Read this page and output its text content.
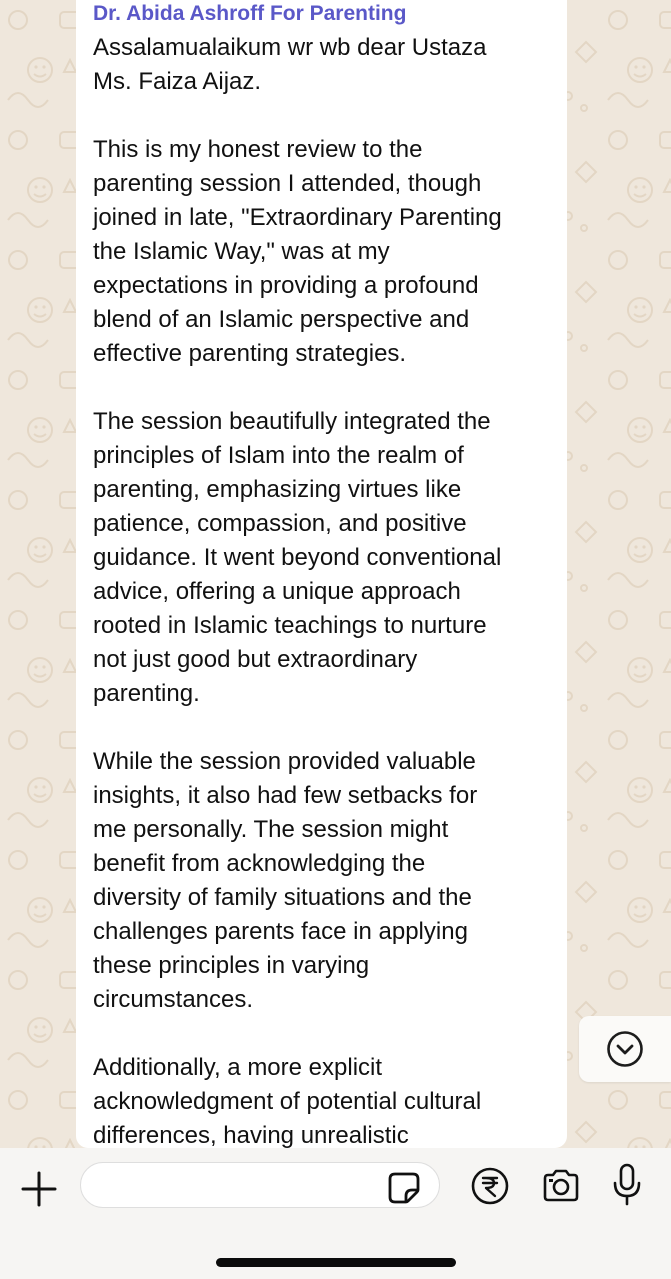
Dr. Abida Ashroff For Parenting

Assalamualaikum wr wb dear Ustaza
Ms. Faiza Aijaz.

This is my honest review to the
parenting session I attended, though
joined in late, "Extraordinary Parenting
the Islamic Way," was at my
expectations in providing a profound
blend of an Islamic perspective and
effective parenting strategies.

The session beautifully integrated the
principles of Islam into the realm of
parenting, emphasizing virtues like
patience, compassion, and positive
guidance. It went beyond conventional
advice, offering a unique approach
rooted in Islamic teachings to nurture
not just good but extraordinary
parenting.

While the session provided valuable
insights, it also had few setbacks for
me personally. The session might
benefit from acknowledging the
diversity of family situations and the
challenges parents face in applying
these principles in varying
circumstances.

Additionally, a more explicit
acknowledgment of potential cultural
differences, having unrealistic
